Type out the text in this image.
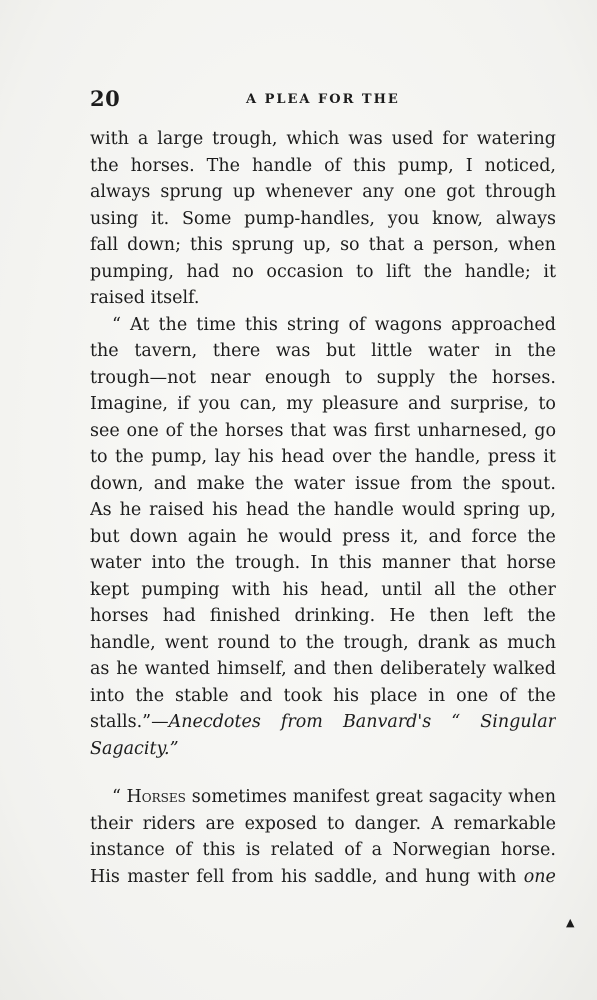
20	A PLEA FOR THE
with a large trough, which was used for watering
the horses. The handle of this pump, I noticed,
always sprung up whenever any one got through
using it. Some pump-handles, you know, always
fall down; this sprung up, so that a person, when
pumping, had no occasion to lift the handle; it
raised itself.
“ At the time this string of wagons approached
the tavern, there was but little water in the
trough—not near enough to supply the horses.
Imagine, if you can, my pleasure and surprise, to
see one of the horses that was first unharnesed, go
to the pump, lay his head over the handle, press it
down, and make the water issue from the spout.
As he raised his head the handle would spring up,
but down again he would press it, and force the
water into the trough. In this manner that horse
kept pumping with his head, until all the other
horses had finished drinking. He then left the
handle, went round to the trough, drank as much
as he wanted himself, and then deliberately walked
into the stable and took his place in one of the
stalls.”—Anecdotes from Banvard's “ Singular
Sagacity.”
“ Horses sometimes manifest great sagacity when
their riders are exposed to danger. A remarkable
instance of this is related of a Norwegian horse.
His master fell from his saddle, and hung with one
▲
